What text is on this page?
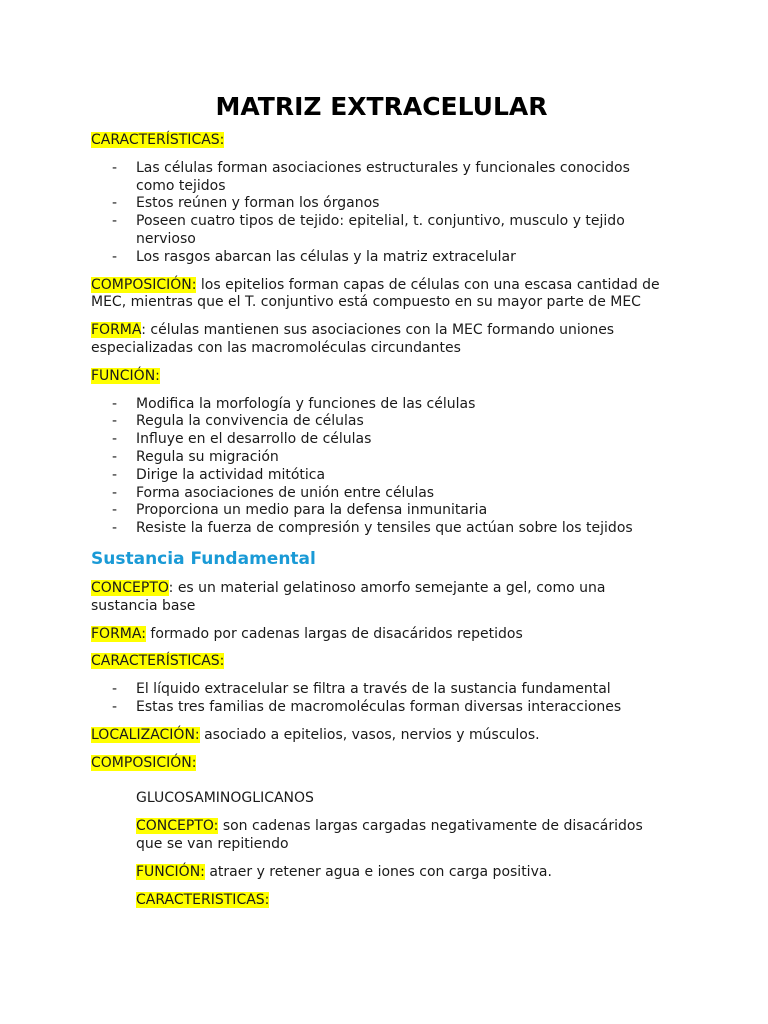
MATRIZ EXTRACELULAR
CARACTERÍSTICAS:
- Las células forman asociaciones estructurales y funcionales conocidos como tejidos
- Estos reúnen y forman los órganos
- Poseen cuatro tipos de tejido: epitelial, t. conjuntivo, musculo y tejido nervioso
- Los rasgos abarcan las células y la matriz extracelular

COMPOSICIÓN: los epitelios forman capas de células con una escasa cantidad de MEC, mientras que el T. conjuntivo está compuesto en su mayor parte de MEC

FORMA: células mantienen sus asociaciones con la MEC formando uniones especializadas con las macromoléculas circundantes

FUNCIÓN:
- Modifica la morfología y funciones de las células
- Regula la convivencia de células
- Influye en el desarrollo de células
- Regula su migración
- Dirige la actividad mitótica
- Forma asociaciones de unión entre células
- Proporciona un medio para la defensa inmunitaria
- Resiste la fuerza de compresión y tensiles que actúan sobre los tejidos
Sustancia Fundamental

CONCEPTO: es un material gelatinoso amorfo semejante a gel, como una sustancia base

FORMA: formado por cadenas largas de disacáridos repetidos

CARACTERÍSTICAS:
- El líquido extracelular se filtra a través de la sustancia fundamental
- Estas tres familias de macromoléculas forman diversas interacciones

LOCALIZACIÓN: asociado a epitelios, vasos, nervios y músculos.

COMPOSICIÓN:

GLUCOSAMINOGLICANOS

CONCEPTO: son cadenas largas cargadas negativamente de disacáridos que se van repitiendo

FUNCIÓN: atraer y retener agua e iones con carga positiva.

CARACTERISTICAS:
